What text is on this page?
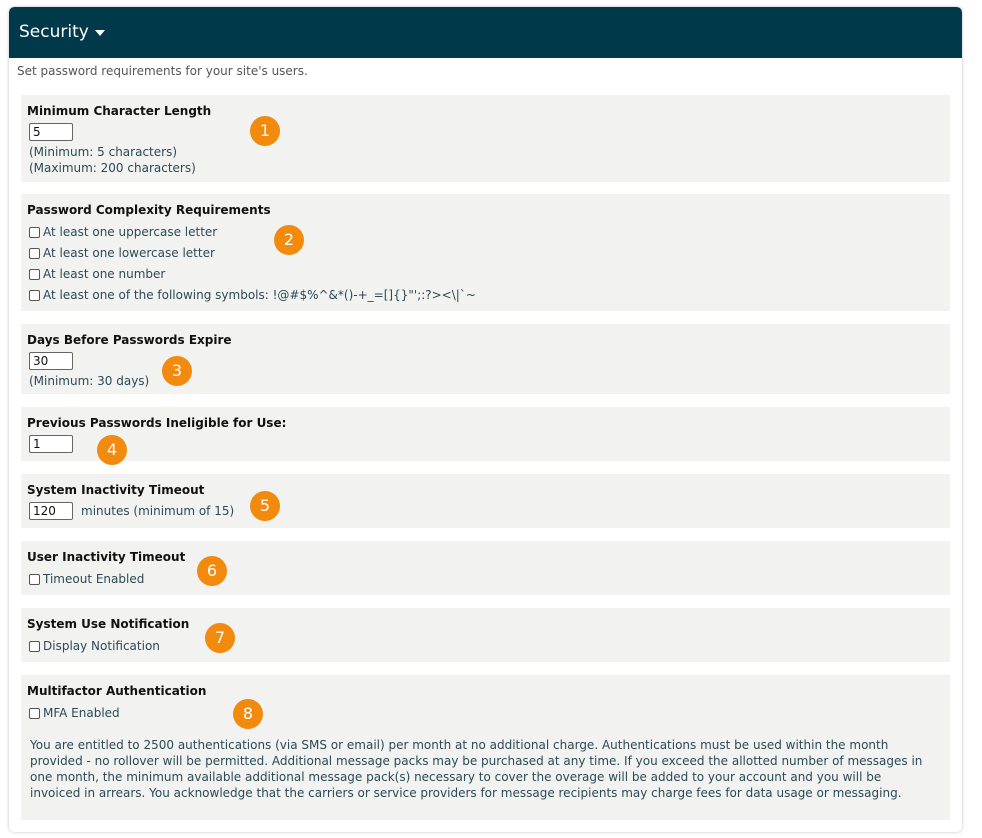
Security
Set password requirements for your site's users.
Minimum Character Length
5
(Minimum: 5 characters)
(Maximum: 200 characters)
1
Password Complexity Requirements
At least one uppercase letter
At least one lowercase letter
At least one number
At least one of the following symbols: !@#$%^&*()-+_=[]{}"';:?><\|`~
2
Days Before Passwords Expire
30
(Minimum: 30 days)
3
Previous Passwords Ineligible for Use:
1
4
System Inactivity Timeout
120
minutes (minimum of 15)	5
User Inactivity Timeout
Timeout Enabled	6
System Use Notification
Display Notification	7
Multifactor Authentication
MFA Enabled	8
You are entitled to 2500 authentications (via SMS or email) per month at no additional charge. Authentications must be used within the month provided - no rollover will be permitted. Additional message packs may be purchased at any time. If you exceed the allotted number of messages in one month, the minimum available additional message pack(s) necessary to cover the overage will be added to your account and you will be invoiced in arrears. You acknowledge that the carriers or service providers for message recipients may charge fees for data usage or messaging.
